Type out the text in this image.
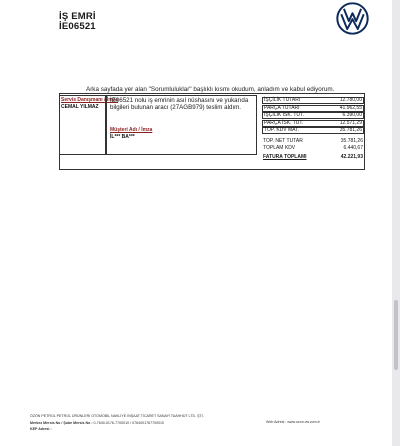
İŞ EMRİ
İE06521
Arka sayfada yer alan "Sorumluluklar" başlıklı kısmı okudum, anladım ve kabul ediyorum.
Servis Danışmanı / İmza
CEMAL YILMAZ
İE06521 nolu iş emrinin asıl nüshasını ve yukarıda bilgileri bulunan aracı (27AGB979) teslim aldım.
Müşteri Adı / İmza
İL*** BA***
İŞÇİLİK TUTARI	12.780,00
PARÇA TUTARI	41.962,55
İŞÇİLİK İSK. TUT.	6.390,00
PARÇA İSK. TUT.	12.571,29
TOP. KDV MAT.	35.781,26
TOP. NET TUTAR	35.781,26
TOPLAM KDV	6.440,67
FATURA TOPLAMI	42.221,93
ÖZÖN PETROL PETROL ÜRÜNLERİ OTOMOBİL NAKLİYE İNŞAAT TİCARET SANAYİ TAAHHÜT LTD. ŞTİ.
Merkez Mersis No / Şube Mersis No : 0-7640-0176-7700010 / 0764001767700010
KEP Adresi :
Web Adresi : www.ozon.vw.com.tr
